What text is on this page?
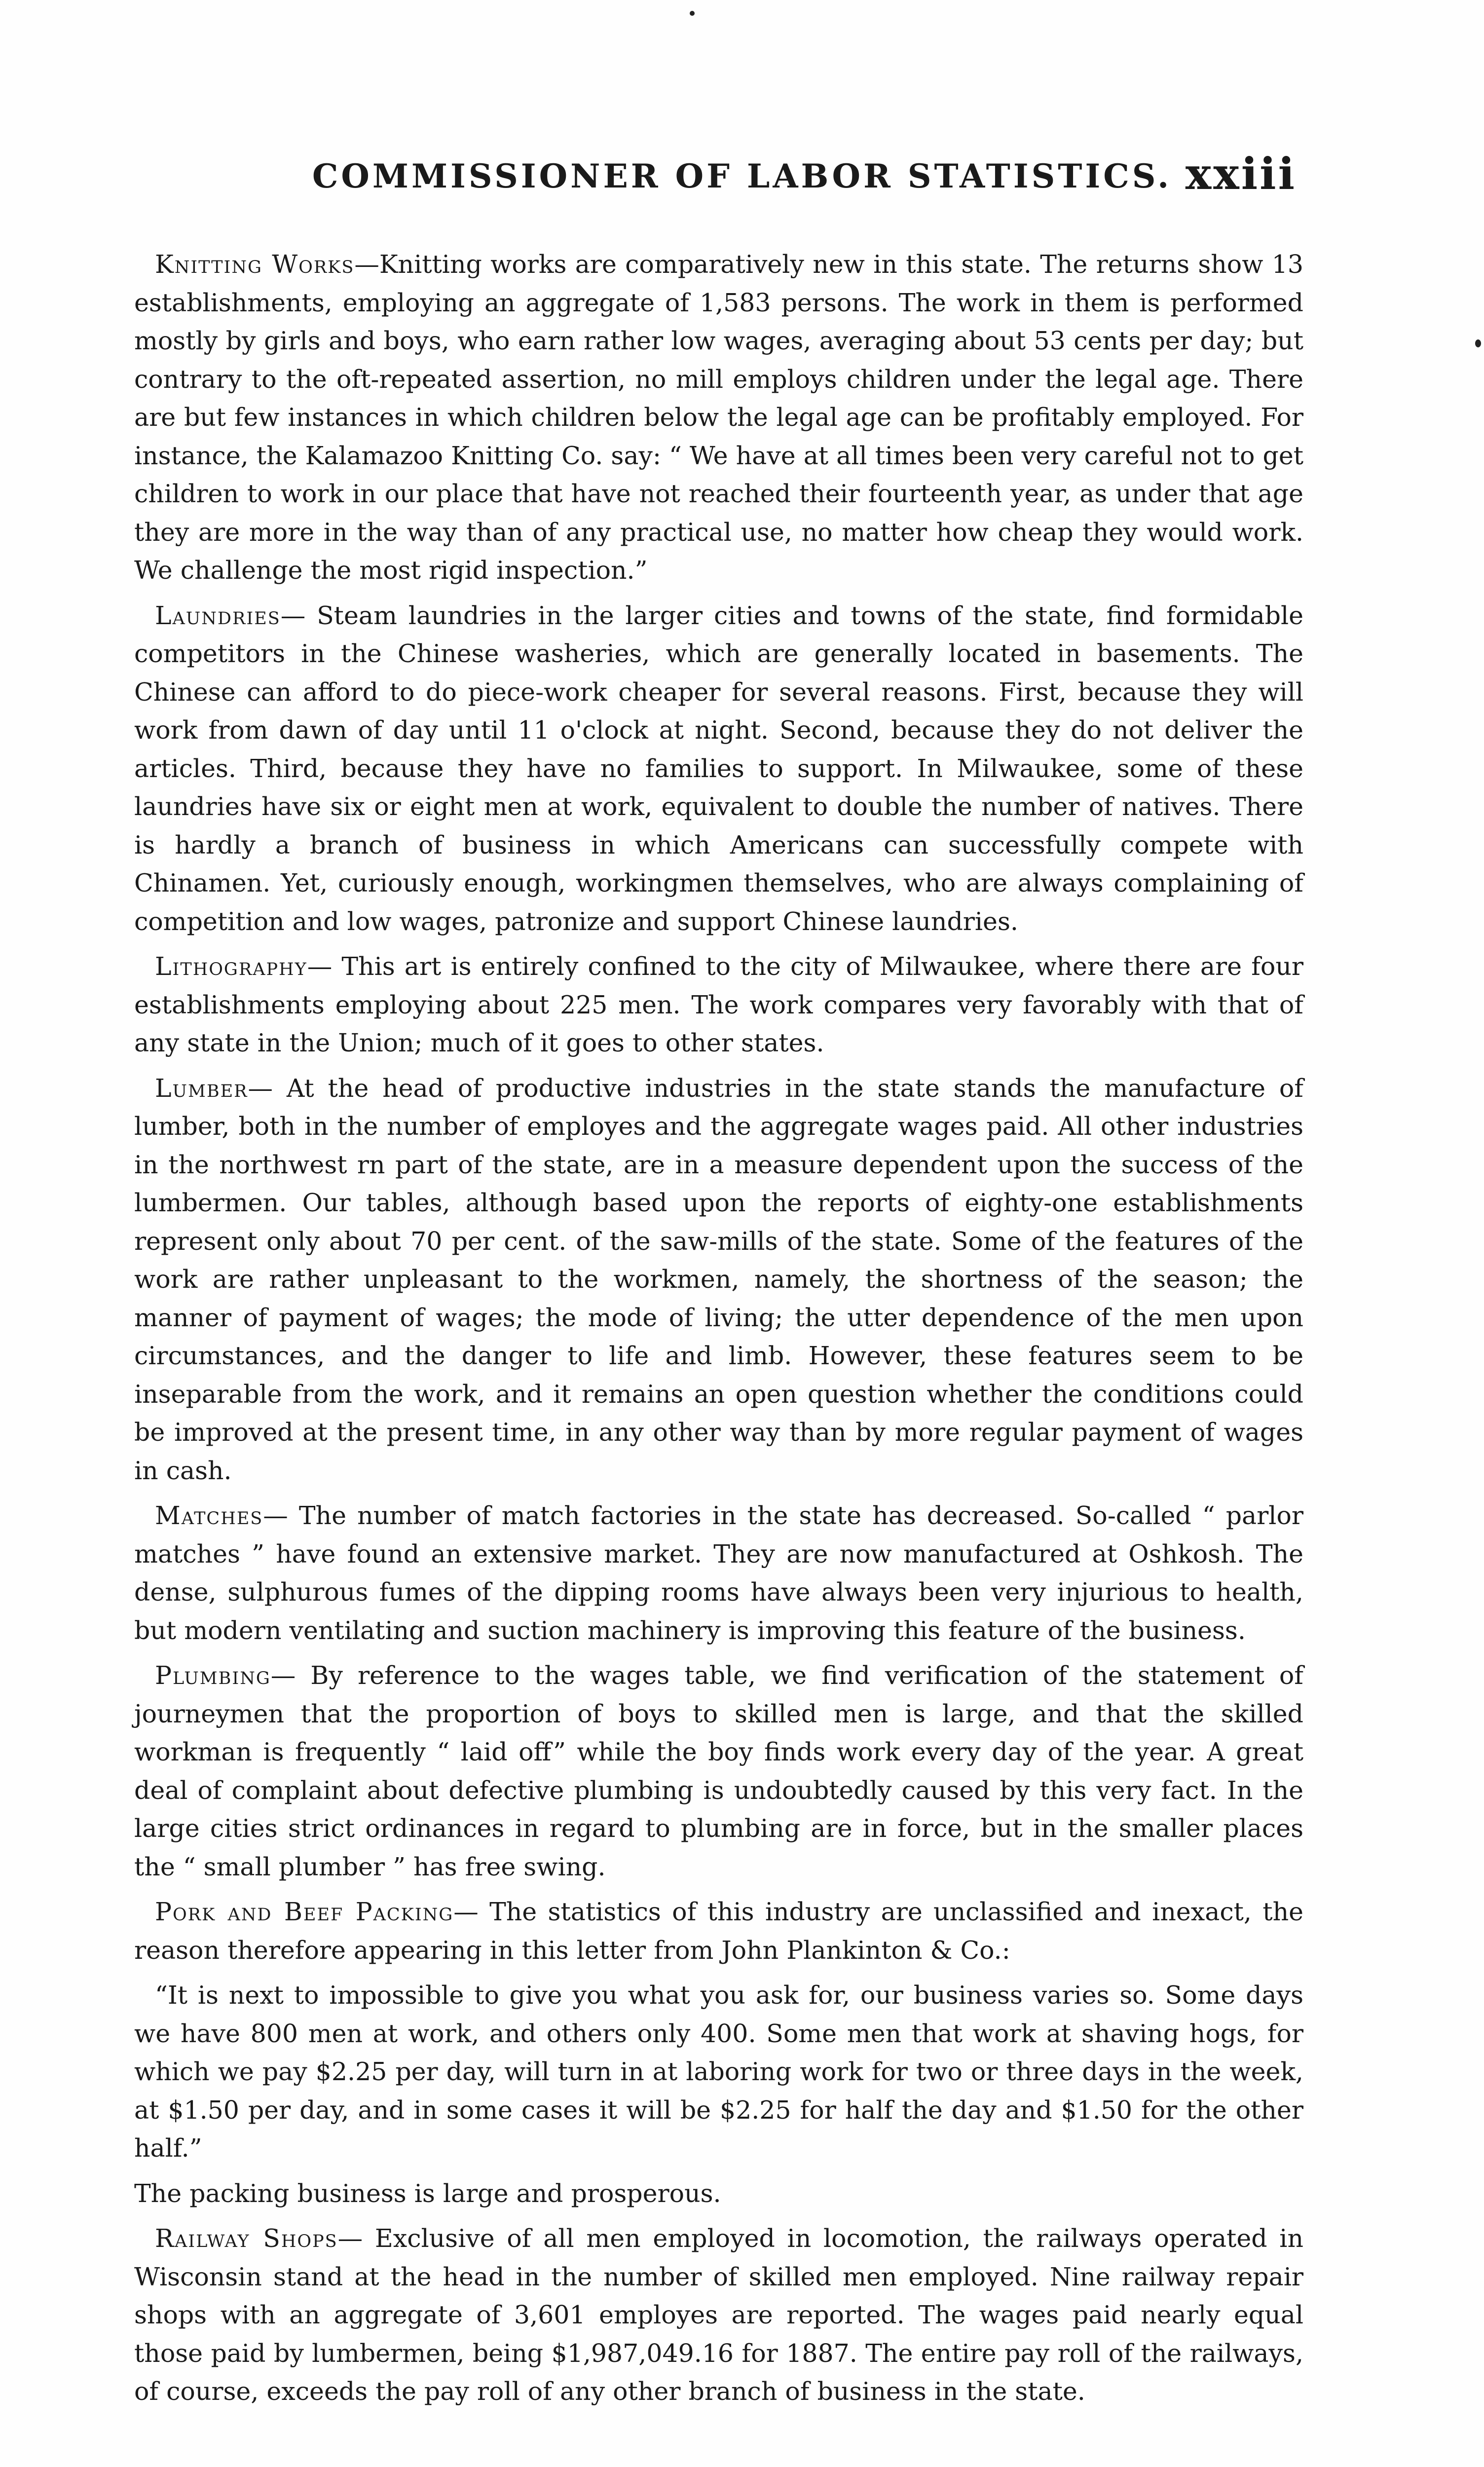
COMMISSIONER OF LABOR STATISTICS. xxiii

Knitting Works—Knitting works are comparatively new in this state. The returns show 13 establishments, employing an aggregate of 1,583 persons. The work in them is performed mostly by girls and boys, who earn rather low wages, averaging about 53 cents per day; but contrary to the oft-repeated assertion, no mill employs children under the legal age. There are but few instances in which children below the legal age can be profitably employed. For instance, the Kalamazoo Knitting Co. say: “ We have at all times been very careful not to get children to work in our place that have not reached their fourteenth year, as under that age they are more in the way than of any practical use, no matter how cheap they would work. We challenge the most rigid inspection.”

Laundries— Steam laundries in the larger cities and towns of the state, find formidable competitors in the Chinese washeries, which are generally located in basements. The Chinese can afford to do piece-work cheaper for several reasons. First, because they will work from dawn of day until 11 o'clock at night. Second, because they do not deliver the articles. Third, because they have no families to support. In Milwaukee, some of these laundries have six or eight men at work, equivalent to double the number of natives. There is hardly a branch of business in which Americans can successfully compete with Chinamen. Yet, curiously enough, workingmen themselves, who are always complaining of competition and low wages, patronize and support Chinese laundries.

Lithography— This art is entirely confined to the city of Milwaukee, where there are four establishments employing about 225 men. The work compares very favorably with that of any state in the Union; much of it goes to other states.

Lumber— At the head of productive industries in the state stands the manufacture of lumber, both in the number of employes and the aggregate wages paid. All other industries in the northwest rn part of the state, are in a measure dependent upon the success of the lumbermen. Our tables, although based upon the reports of eighty-one establishments represent only about 70 per cent. of the saw-mills of the state. Some of the features of the work are rather unpleasant to the workmen, namely, the shortness of the season; the manner of payment of wages; the mode of living; the utter dependence of the men upon circumstances, and the danger to life and limb. However, these features seem to be inseparable from the work, and it remains an open question whether the conditions could be improved at the present time, in any other way than by more regular payment of wages in cash.

Matches— The number of match factories in the state has decreased. So-called “ parlor matches ” have found an extensive market. They are now manufactured at Oshkosh. The dense, sulphurous fumes of the dipping rooms have always been very injurious to health, but modern ventilating and suction machinery is improving this feature of the business.

Plumbing— By reference to the wages table, we find verification of the statement of journeymen that the proportion of boys to skilled men is large, and that the skilled workman is frequently “ laid off” while the boy finds work every day of the year. A great deal of complaint about defective plumbing is undoubtedly caused by this very fact. In the large cities strict ordinances in regard to plumbing are in force, but in the smaller places the “ small plumber ” has free swing.

Pork and Beef Packing— The statistics of this industry are unclassified and inexact, the reason therefore appearing in this letter from John Plankinton & Co.:

“It is next to impossible to give you what you ask for, our business varies so. Some days we have 800 men at work, and others only 400. Some men that work at shaving hogs, for which we pay $2.25 per day, will turn in at laboring work for two or three days in the week, at $1.50 per day, and in some cases it will be $2.25 for half the day and $1.50 for the other half.”

The packing business is large and prosperous.

Railway Shops— Exclusive of all men employed in locomotion, the railways operated in Wisconsin stand at the head in the number of skilled men employed. Nine railway repair shops with an aggregate of 3,601 employes are reported. The wages paid nearly equal those paid by lumbermen, being $1,987,049.16 for 1887. The entire pay roll of the railways, of course, exceeds the pay roll of any other branch of business in the state.
